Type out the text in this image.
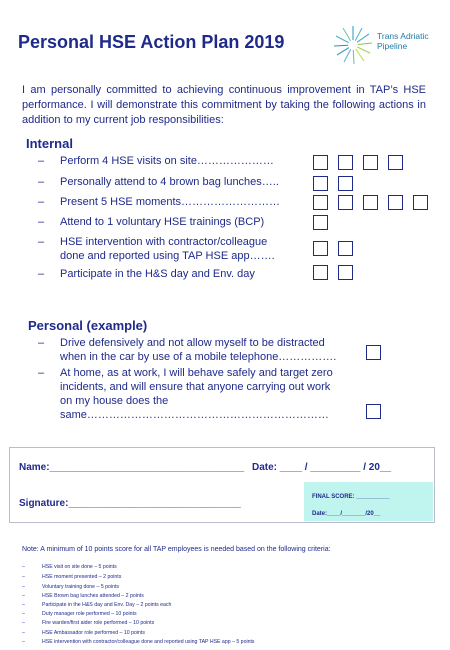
Personal HSE Action Plan 2019	Trans Adriatic
Pipeline
I am personally committed to achieving continuous improvement in TAP’s HSE performance. I will demonstrate this commitment by taking the following actions in addition to my current job responsibilities:
Internal
– Perform 4 HSE visits on site…………………
– Personally attend to 4 brown bag lunches…..
– Present 5 HSE moments………………………
– Attend to 1 voluntary HSE trainings (BCP)
– HSE intervention with contractor/colleague
done and reported using TAP HSE app…….
– Participate in the H&S day and Env. day
Personal (example)
– Drive defensively and not allow myself to be distracted
when in the car by use of a mobile telephone…………….
– At home, as at work, I will behave safely and target zero
incidents, and will ensure that anyone carrying out work
on my house does the
same…………………………………………………………
Name:___________________________________ Date: ____ / _________ / 20__
Signature:_______________________________
FINAL SCORE: __________
Date:____/_______/20__
Note: A minimum of 10 points score for all TAP employees is needed based on the following criteria:
–	HSE visit on site done – 5 points
–	HSE moment presented – 2 points
–	Voluntary training done – 5 points
–	HSE Brown bag lunches attended – 2 points
–	Participate in the H&S day and Env. Day – 2 points each
–	Duty manager role performed – 10 points
–	Fire warden/first aider role performed – 10 points
–	HSE Ambassador role performed – 10 points
–	HSE intervention with contractor/colleague done and reported using TAP HSE app – 5 points
